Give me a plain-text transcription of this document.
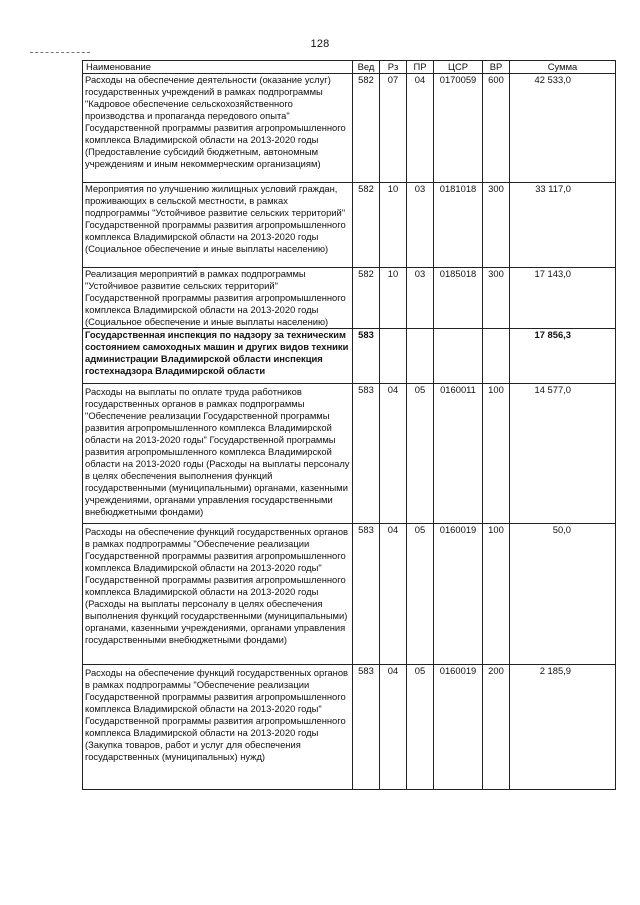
128
Наименование	Вед	Рз	ПР	ЦСР	ВР	Сумма
Расходы на обеспечение деятельности (оказание услуг) государственных учреждений в рамках подпрограммы "Кадровое обеспечение сельскохозяйственного производства и пропаганда передового опыта" Государственной программы развития агропромышленного комплекса Владимирской области на 2013-2020 годы (Предоставление субсидий бюджетным, автономным учреждениям и иным некоммерческим организациям)	582	07	04	0170059	600	42 533,0
Мероприятия по улучшению жилищных условий граждан, проживающих в сельской местности, в рамках подпрограммы "Устойчивое развитие сельских территорий" Государственной программы развития агропромышленного комплекса Владимирской области на 2013-2020 годы (Социальное обеспечение и иные выплаты населению)	582	10	03	0181018	300	33 117,0
Реализация мероприятий в рамках подпрограммы "Устойчивое развитие сельских территорий" Государственной программы развития агропромышленного комплекса Владимирской области на 2013-2020 годы (Социальное обеспечение и иные выплаты населению)	582	10	03	0185018	300	17 143,0
Государственная инспекция по надзору за техническим состоянием самоходных машин и других видов техники администрации Владимирской области инспекция гостехнадзора Владимирской области	583					17 856,3
Расходы на выплаты по оплате труда работников государственных органов в рамках подпрограммы "Обеспечение реализации Государственной программы развития агропромышленного комплекса Владимирской области на 2013-2020 годы" Государственной программы развития агропромышленного комплекса Владимирской области на 2013-2020 годы (Расходы на выплаты персоналу в целях обеспечения выполнения функций государственными (муниципальными) органами, казенными учреждениями, органами управления государственными внебюджетными фондами)	583	04	05	0160011	100	14 577,0
Расходы на обеспечение функций государственных органов в рамках подпрограммы "Обеспечение реализации Государственной программы развития агропромышленного комплекса Владимирской области на 2013-2020 годы" Государственной программы развития агропромышленного комплекса Владимирской области на 2013-2020 годы (Расходы на выплаты персоналу в целях обеспечения выполнения функций государственными (муниципальными) органами, казенными учреждениями, органами управления государственными внебюджетными фондами)	583	04	05	0160019	100	50,0
Расходы на обеспечение функций государственных органов в рамках подпрограммы "Обеспечение реализации Государственной программы развития агропромышленного комплекса Владимирской области на 2013-2020 годы" Государственной программы развития агропромышленного комплекса Владимирской области на 2013-2020 годы (Закупка товаров, работ и услуг для обеспечения государственных (муниципальных) нужд)	583	04	05	0160019	200	2 185,9
